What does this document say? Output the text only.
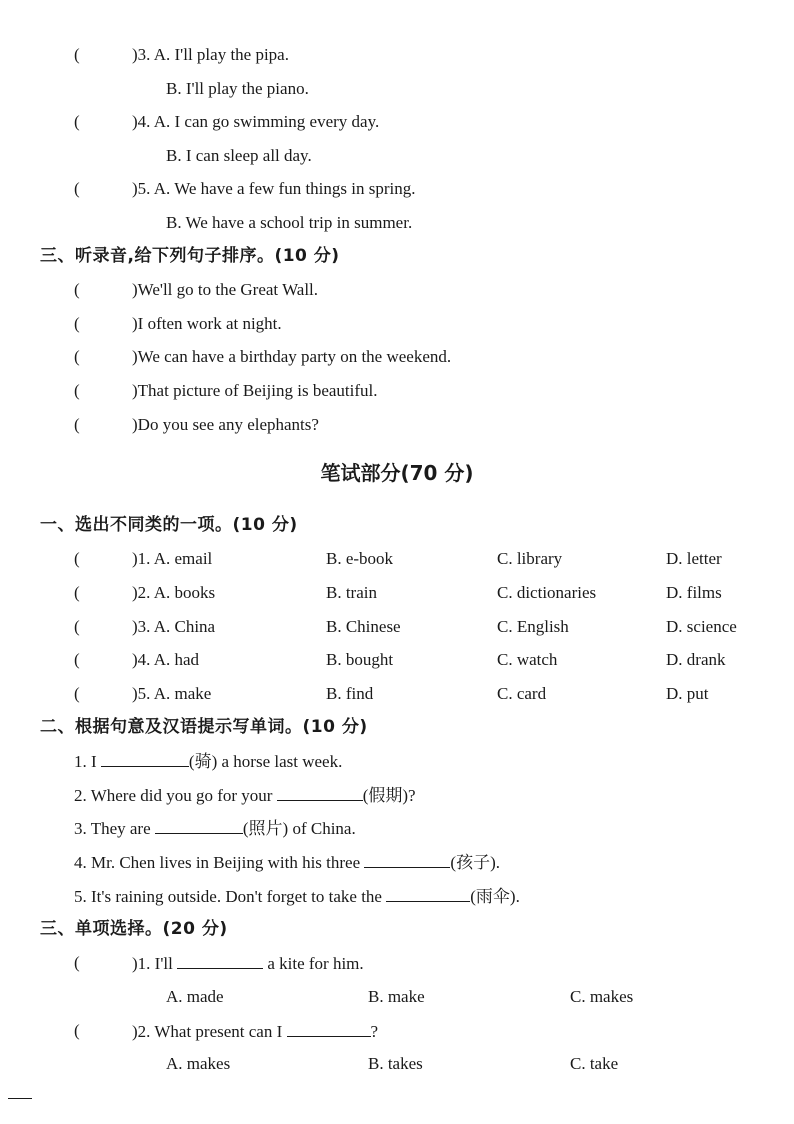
(	)3. A. I'll play the pipa.
B. I'll play the piano.
(	)4. A. I can go swimming every day.
B. I can sleep all day.
(	)5. A. We have a few fun things in spring.
B. We have a school trip in summer.
三、听录音,给下列句子排序。(10 分)
(	)We'll go to the Great Wall.
(	)I often work at night.
(	)We can have a birthday party on the weekend.
(	)That picture of Beijing is beautiful.
(	)Do you see any elephants?
笔试部分(70 分)
一、选出不同类的一项。(10 分)
(	)1. A. email	B. e-book	C. library	D. letter
(	)2. A. books	B. train	C. dictionaries	D. films
(	)3. A. China	B. Chinese	C. English	D. science
(	)4. A. had	B. bought	C. watch	D. drank
(	)5. A. make	B. find	C. card	D. put
二、根据句意及汉语提示写单词。(10 分)
1. I	(骑) a horse last week.
2. Where did you go for your	(假期)?
3. They are	(照片) of China.
4. Mr. Chen lives in Beijing with his three	(孩子).
5. It's raining outside. Don't forget to take the	(雨伞).
三、单项选择。(20 分)
(	)1. I'll	a kite for him.
A. made	B. make	C. makes
(	)2. What present can I	?
A. makes	B. takes	C. take
